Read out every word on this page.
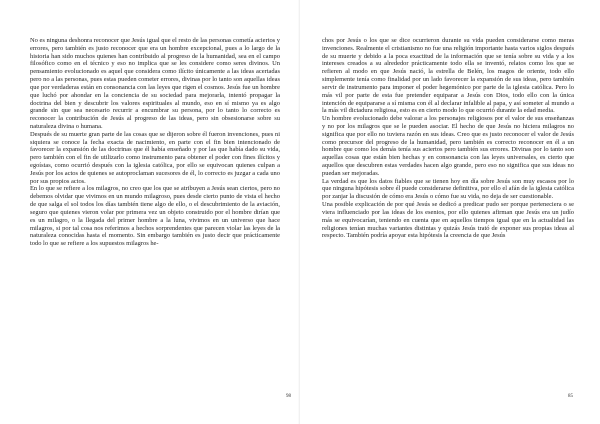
No es ninguna deshonra reconocer que Jesús igual que el resto de las personas cometía aciertos y errores, pero también es justo reconocer que era un hombre excepcional, pues a lo largo de la historia han sido muchos quienes han contribuido al progreso de la humanidad, sea en el campo filosófico como en el técnico y eso no implica que se les considere como seres divinos. Un pensamiento evolucionado es aquel que considera como ilícito únicamente a las ideas acertadas pero no a las personas, pues estas pueden cometer errores, divinas por lo tanto son aquellas ideas que por verdaderas están en consonancia con las leyes que rigen el cosmos. Jesús fue un hombre que luchó por ahondar en la conciencia de su sociedad para mejorarla, intentó propagar la doctrina del bien y descubrir los valores espirituales al mundo, eso en sí mismo ya es algo grande sin que sea necesario recurrir a encumbrar su persona, por lo tanto lo correcto es reconocer la contribución de Jesús al progreso de las ideas, pero sin obsesionarse sobre su naturaleza divina o humana.

Después de su muerte gran parte de las cosas que se dijeron sobre él fueron invenciones, pues ni siquiera se conoce la fecha exacta de nacimiento, en parte con el fin bien intencionado de favorecer la expansión de las doctrinas que él había enseñado y por las que había dado su vida, pero también con el fin de utilizarlo como instrumento para obtener el poder con fines ilícitos y egoístas, como ocurrió después con la iglesia católica, por ello se equivocan quienes culpan a Jesús por los actos de quienes se autoproclaman sucesores de él, lo correcto es juzgar a cada uno por sus propios actos.

En lo que se refiere a los milagros, no creo que los que se atribuyen a Jesús sean ciertos, pero no debemos olvidar que vivimos en un mundo milagroso, pues desde cierto punto de vista el hecho de que salga el sol todos los días también tiene algo de ello, o el descubrimiento de la aviación, seguro que quienes vieron volar por primera vez un objeto construido por el hombre dirían que es un milagro, o la llegada del primer hombre a la luna, vivimos en un universo que hace milagros, si por tal cosa nos referimos a hechos sorprendentes que parecen violar las leyes de la naturaleza conocidas hasta el momento. Sin embargo también es justo decir que prácticamente todo lo que se refiere a los supuestos milagros he-

98

chos por Jesús o los que se dice ocurrieron durante su vida pueden considerarse como meras invenciones. Realmente el cristianismo no fue una religión importante hasta varios siglos después de su muerte y debido a la poca exactitud de la información que se tenía sobre su vida y a los intereses creados a su alrededor prácticamente todo ella se inventó, relatos como los que se refieren al modo en que Jesús nació, la estrella de Belén, los magos de oriente, todo ello simplemente tenía como finalidad por un lado favorecer la expansión de sus ideas, pero también servir de instrumento para imponer el poder hegemónico por parte de la iglesia católica. Pero lo más vil por parte de esta fue pretender equiparar a Jesús con Dios, todo ello con la única intención de equipararse a sí misma con él al declarar infalible al papa, y así someter al mundo a la más vil dictadura religiosa, esto es en cierto modo lo que ocurrió durante la edad media.

Un hombre evolucionado debe valorar a los personajes religiosos por el valor de sus enseñanzas y no por los milagros que se le pueden asociar. El hecho de que Jesús no hiciera milagros no significa que por ello no tuviera razón en sus ideas. Creo que es justo reconocer el valor de Jesús como precursor del progreso de la humanidad, pero también es correcto reconocer en él a un hombre que como los demás tenía sus aciertos pero también sus errores. Divinas por lo tanto son aquellas cosas que están bien hechas y en consonancia con las leyes universales, es cierto que aquellos que descubren estas verdades hacen algo grande, pero eso no significa que sus ideas no puedan ser mejoradas.

La verdad es que los datos fiables que se tienen hoy en día sobre Jesús son muy escasos por lo que ninguna hipótesis sobre él puede considerarse definitiva, por ello el afán de la iglesia católica por zanjar la discusión de cómo era Jesús o cómo fue su vida, no deja de ser cuestionable.

Una posible explicación de por qué Jesús se dedicó a predicar pudo ser porque perteneciera o se viera influenciado por las ideas de los esenios, por ello quienes afirman que Jesús era un judío más se equivocarían, teniendo en cuenta que en aquellos tiempos igual que en la actualidad las religiones tenían muchas variantes distintas y quizás Jesús trató de exponer sus propias ideas al respecto. También podría apoyar esta hipótesis la creencia de que Jesús

85
